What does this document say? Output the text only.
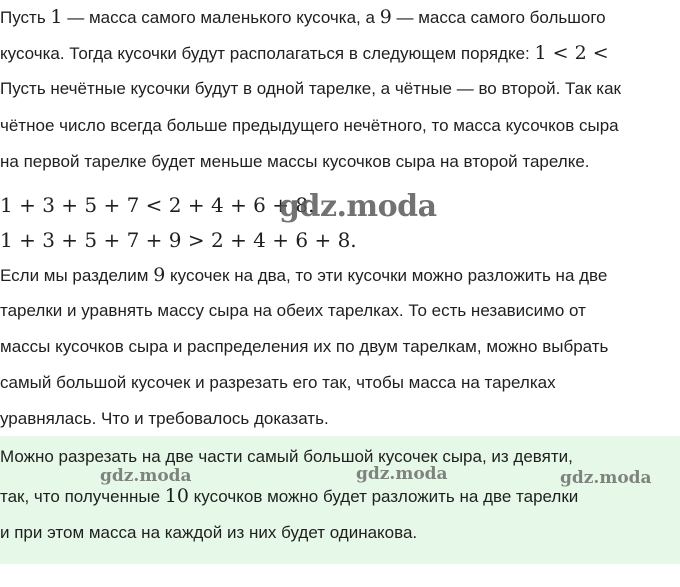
Пусть 1 — масса самого маленького кусочка, а 9 — масса самого большого
кусочка. Тогда кусочки будут располагаться в следующем порядке: 1 < 2 <
Пусть нечётные кусочки будут в одной тарелке, а чётные — во второй. Так как
чётное число всегда больше предыдущего нечётного, то масса кусочков сыра
на первой тарелке будет меньше массы кусочков сыра на второй тарелке.
1 + 3 + 5 + 7 < 2 + 4 + 6 + 8.
1 + 3 + 5 + 7 + 9 > 2 + 4 + 6 + 8.
gdz.moda
Если мы разделим 9 кусочек на два, то эти кусочки можно разложить на две
тарелки и уравнять массу сыра на обеих тарелках. То есть независимо от
массы кусочков сыра и распределения их по двум тарелкам, можно выбрать
самый большой кусочек и разрезать его так, чтобы масса на тарелках
уравнялась. Что и требовалось доказать.
gdz.moda	gdz.moda	gdz.moda
Можно разрезать на две части самый большой кусочек сыра, из девяти,
так, что полученные 10 кусочков можно будет разложить на две тарелки
и при этом масса на каждой из них будет одинакова.
